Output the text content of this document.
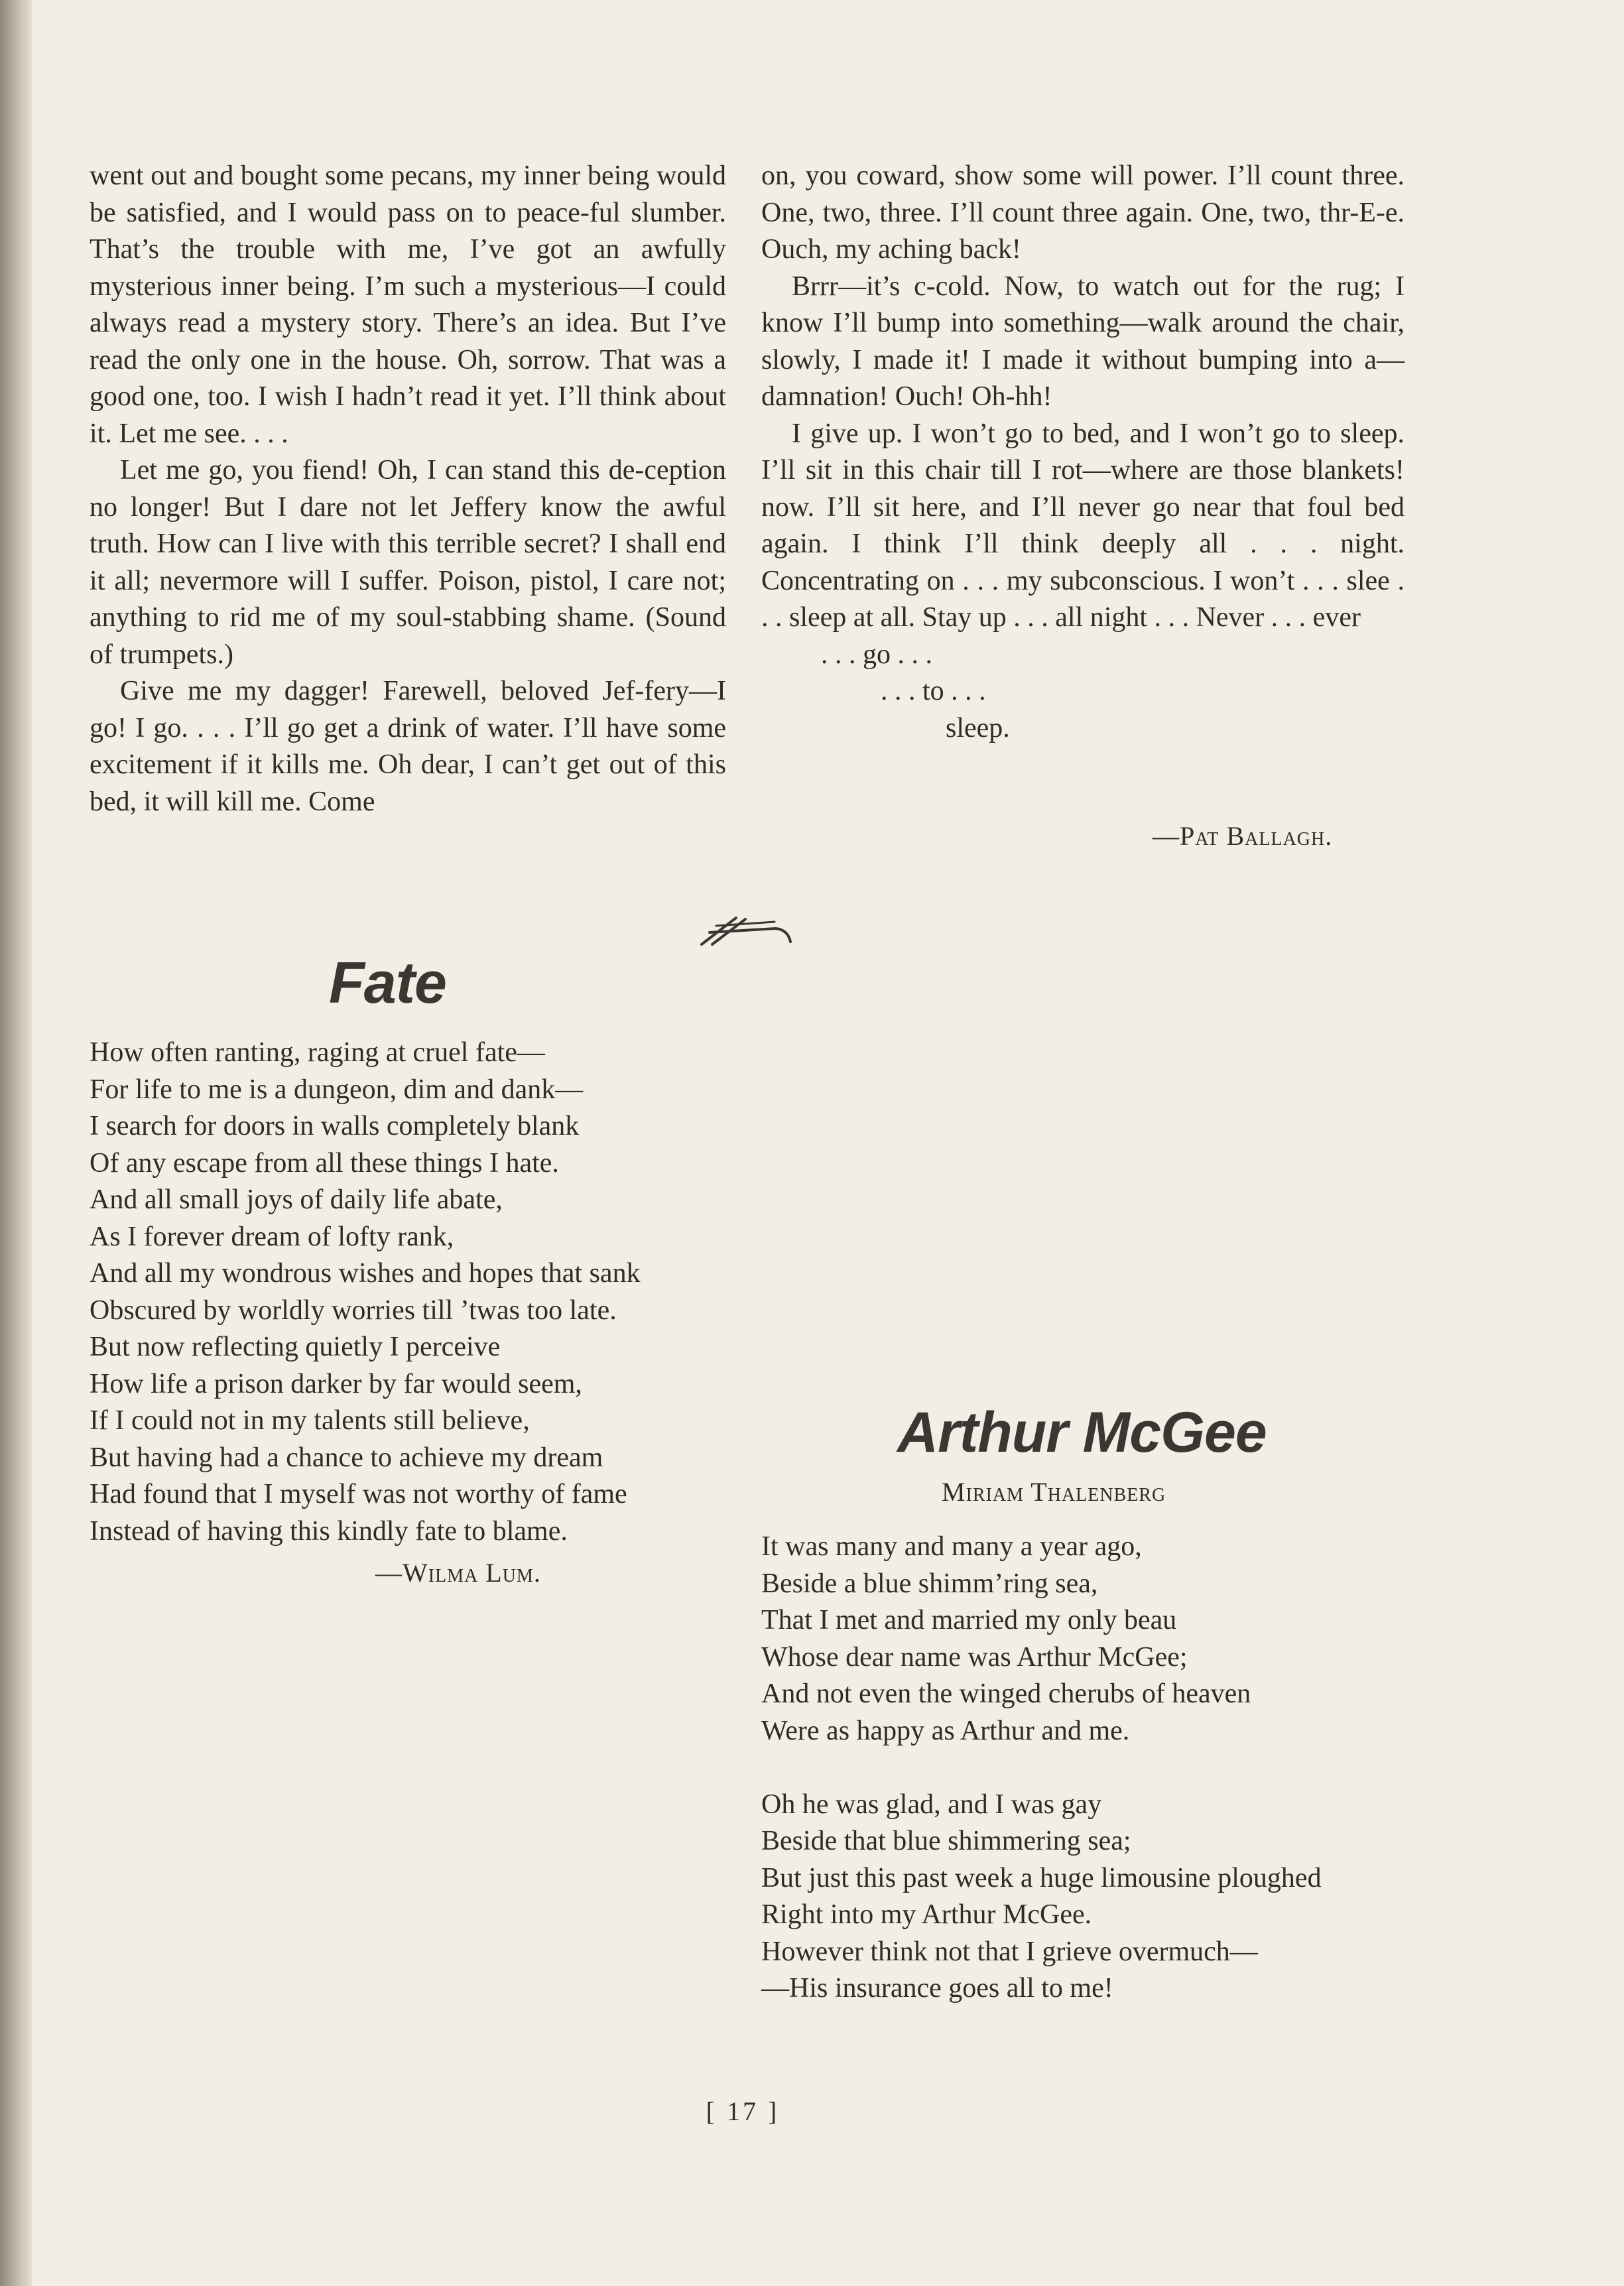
went out and bought some pecans, my inner being would be satisfied, and I would pass on to peace-ful slumber. That’s the trouble with me, I’ve got an awfully mysterious inner being. I’m such a mysterious—I could always read a mystery story. There’s an idea. But I’ve read the only one in the house. Oh, sorrow. That was a good one, too. I wish I hadn’t read it yet. I’ll think about it. Let me see. . . .

Let me go, you fiend! Oh, I can stand this de-ception no longer! But I dare not let Jeffery know the awful truth. How can I live with this terrible secret? I shall end it all; nevermore will I suffer. Poison, pistol, I care not; anything to rid me of my soul-stabbing shame. (Sound of trumpets.)

Give me my dagger! Farewell, beloved Jef-fery—I go! I go. . . . I’ll go get a drink of water. I’ll have some excitement if it kills me. Oh dear, I can’t get out of this bed, it will kill me. Come

on, you coward, show some will power. I’ll count three. One, two, three. I’ll count three again. One, two, thr-E-e. Ouch, my aching back!

Brrr—it’s c-cold. Now, to watch out for the rug; I know I’ll bump into something—walk around the chair, slowly, I made it! I made it without bumping into a—damnation! Ouch! Oh-hh!

I give up. I won’t go to bed, and I won’t go to sleep. I’ll sit in this chair till I rot—where are those blankets! now. I’ll sit here, and I’ll never go near that foul bed again. I think I’ll think deeply all . . . night. Concentrating on . . . my subconscious. I won’t . . . slee . . . sleep at all. Stay up . . . all night . . . Never . . . ever

. . . go . . .
. . . to . . .
sleep.
—Pat Ballagh.
Fate
How often ranting, raging at cruel fate—
For life to me is a dungeon, dim and dank—
I search for doors in walls completely blank
Of any escape from all these things I hate.
And all small joys of daily life abate,
As I forever dream of lofty rank,
And all my wondrous wishes and hopes that sank
Obscured by worldly worries till ’twas too late.
But now reflecting quietly I perceive
How life a prison darker by far would seem,
If I could not in my talents still believe,
But having had a chance to achieve my dream
Had found that I myself was not worthy of fame
Instead of having this kindly fate to blame.
—Wilma Lum.
Arthur McGee
Miriam Thalenberg
It was many and many a year ago,
Beside a blue shimm’ring sea,
That I met and married my only beau
Whose dear name was Arthur McGee;
And not even the winged cherubs of heaven
Were as happy as Arthur and me.
Oh he was glad, and I was gay
Beside that blue shimmering sea;
But just this past week a huge limousine ploughed
Right into my Arthur McGee.
However think not that I grieve overmuch—
—His insurance goes all to me!
[ 17 ]
